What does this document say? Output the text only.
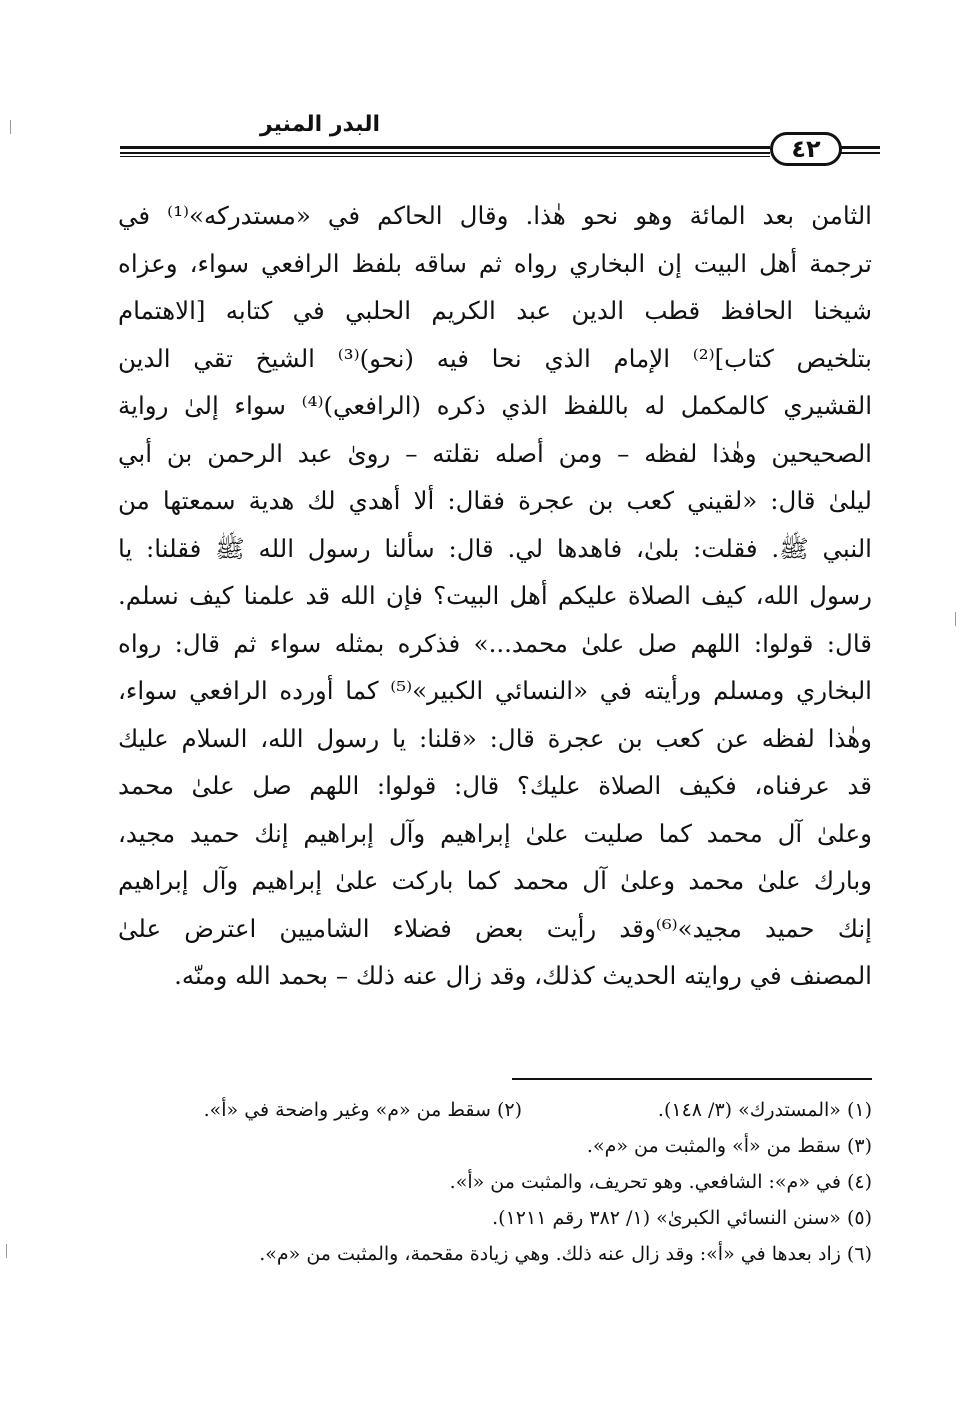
البدر المنير
٤٢
الثامن بعد المائة وهو نحو هٰذا. وقال الحاكم في «مستدركه»⁽¹⁾ في
ترجمة أهل البيت إن البخاري رواه ثم ساقه بلفظ الرافعي سواء، وعزاه
شيخنا الحافظ قطب الدين عبد الكريم الحلبي في كتابه [الاهتمام
بتلخيص كتاب]⁽²⁾ الإمام الذي نحا فيه (نحو)⁽³⁾ الشيخ تقي الدين
القشيري كالمكمل له باللفظ الذي ذكره (الرافعي)⁽⁴⁾ سواء إلىٰ رواية
الصحيحين وهٰذا لفظه – ومن أصله نقلته – رویٰ عبد الرحمن بن أبي
ليلیٰ قال: «لقيني كعب بن عجرة فقال: ألا أهدي لك هدية سمعتها من
النبي ﷺ. فقلت: بلیٰ، فاهدها لي. قال: سألنا رسول الله ﷺ فقلنا: يا
رسول الله، كيف الصلاة عليكم أهل البيت؟ فإن الله قد علمنا كيف نسلم.
قال: قولوا: اللهم صل علىٰ محمد...» فذكره بمثله سواء ثم قال: رواه
البخاري ومسلم ورأيته في «النسائي الكبير»⁽⁵⁾ كما أورده الرافعي سواء،
وهٰذا لفظه عن كعب بن عجرة قال: «قلنا: يا رسول الله، السلام عليك
قد عرفناه، فكيف الصلاة عليك؟ قال: قولوا: اللهم صل علىٰ محمد
وعلىٰ آل محمد كما صليت علىٰ إبراهيم وآل إبراهيم إنك حميد مجيد،
وبارك علىٰ محمد وعلىٰ آل محمد كما باركت علىٰ إبراهيم وآل إبراهيم
إنك حميد مجيد»⁽⁶⁾وقد رأيت بعض فضلاء الشاميين اعترض علىٰ
المصنف في روايته الحديث كذلك، وقد زال عنه ذلك – بحمد الله ومنّه.
(١) «المستدرك» (٣/ ١٤٨).(٢) سقط من «م» وغير واضحة في «أ».
(٣) سقط من «أ» والمثبت من «م».
(٤) في «م»: الشافعي. وهو تحريف، والمثبت من «أ».
(٥) «سنن النسائي الكبرىٰ» (١/ ٣٨٢ رقم ١٢١١).
(٦) زاد بعدها في «أ»: وقد زال عنه ذلك. وهي زيادة مقحمة، والمثبت من «م».
